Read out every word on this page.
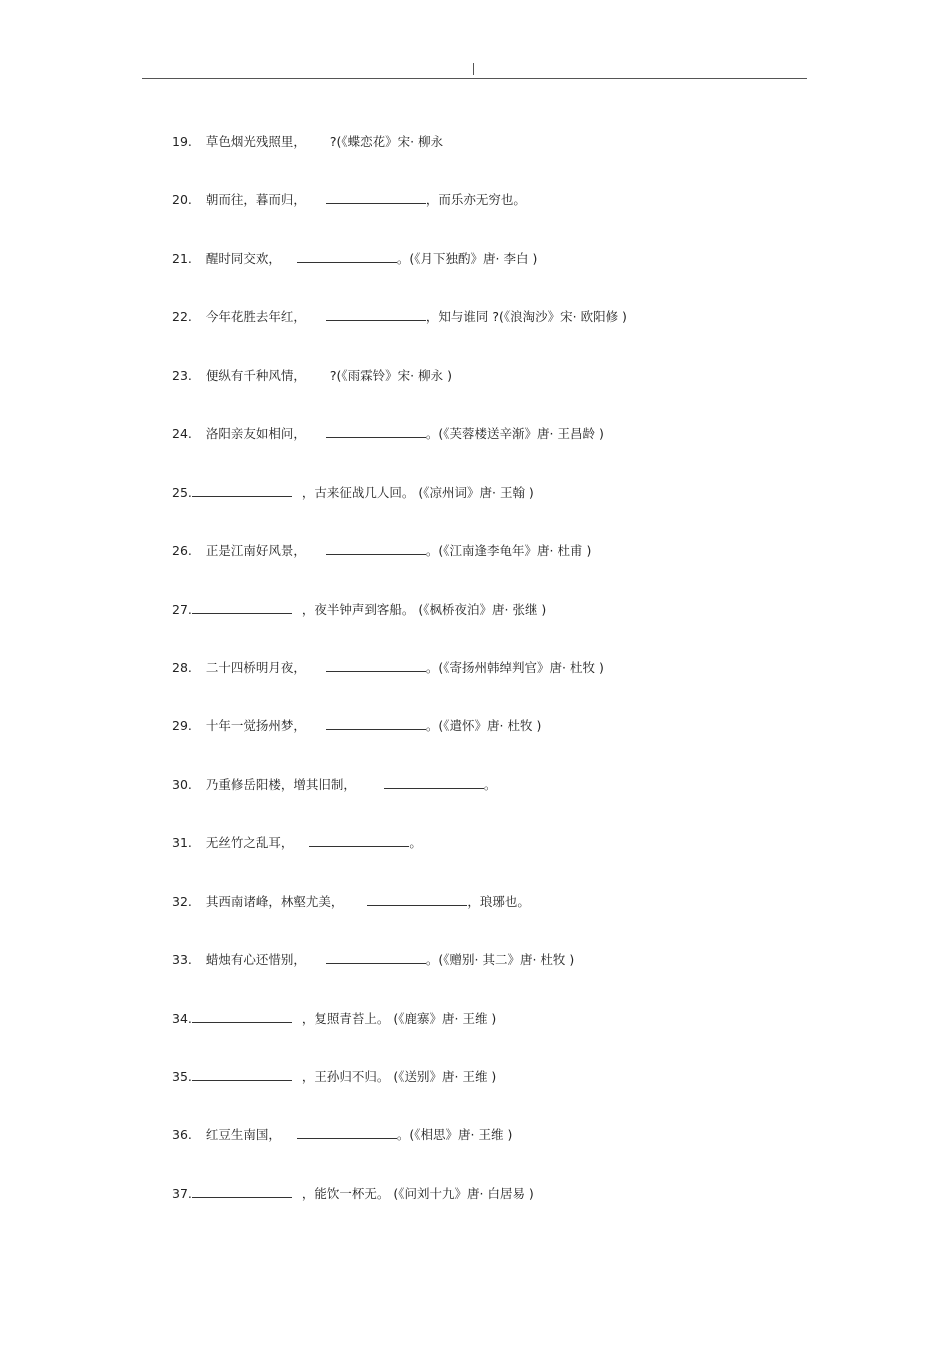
19. 草色烟光残照里， ?(《蝶恋花》宋· 柳永
20. 朝而往，暮而归，	，而乐亦无穷也。
21. 醒时同交欢，	。(《月下独酌》唐· 李白 )
22. 今年花胜去年红，	，知与谁同 ?(《浪淘沙》宋· 欧阳修 )
23. 便纵有千种风情， ?(《雨霖铃》宋· 柳永 )
24. 洛阳亲友如相问，	。(《芙蓉楼送辛渐》唐· 王昌龄 )
25.	，古来征战几人回。 (《凉州词》唐· 王翰 )
26. 正是江南好风景，	。(《江南逢李龟年》唐· 杜甫 )
27.	，夜半钟声到客船。 (《枫桥夜泊》唐· 张继 )
28. 二十四桥明月夜，	。(《寄扬州韩绰判官》唐· 杜牧 )
29. 十年一觉扬州梦，	。(《遣怀》唐· 杜牧 )
30. 乃重修岳阳楼，增其旧制，	。
31. 无丝竹之乱耳，	。
32. 其西南诸峰，林壑尤美，	，琅琊也。
33. 蜡烛有心还惜别，	。(《赠别· 其二》唐· 杜牧 )
34.	，复照青苔上。 (《鹿寨》唐· 王维 )
35.	，王孙归不归。 (《送别》唐· 王维 )
36. 红豆生南国，	。(《相思》唐· 王维 )
37.	，能饮一杯无。 (《问刘十九》唐· 白居易 )
